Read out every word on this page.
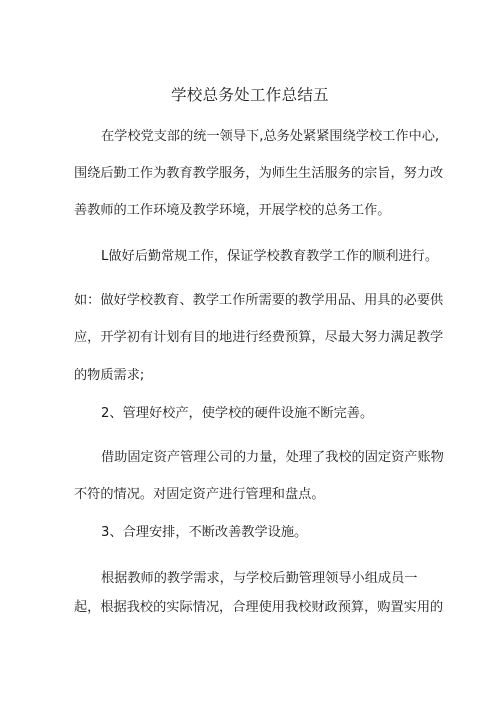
学校总务处工作总结五
在学校党支部的统一领导下,总务处紧紧围绕学校工作中心,
围绕后勤工作为教育教学服务，为师生生活服务的宗旨，努力改
善教师的工作环境及教学环境，开展学校的总务工作。
L做好后勤常规工作，保证学校教育教学工作的顺利进行。
如：做好学校教育、教学工作所需要的教学用品、用具的必要供
应，开学初有计划有目的地进行经费预算，尽最大努力满足教学
的物质需求;
2、管理好校产，使学校的硬件设施不断完善。
借助固定资产管理公司的力量，处理了我校的固定资产账物
不符的情况。对固定资产进行管理和盘点。
3、合理安排，不断改善教学设施。
根据教师的教学需求，与学校后勤管理领导小组成员一
起，根据我校的实际情况，合理使用我校财政预算，购置实用的
